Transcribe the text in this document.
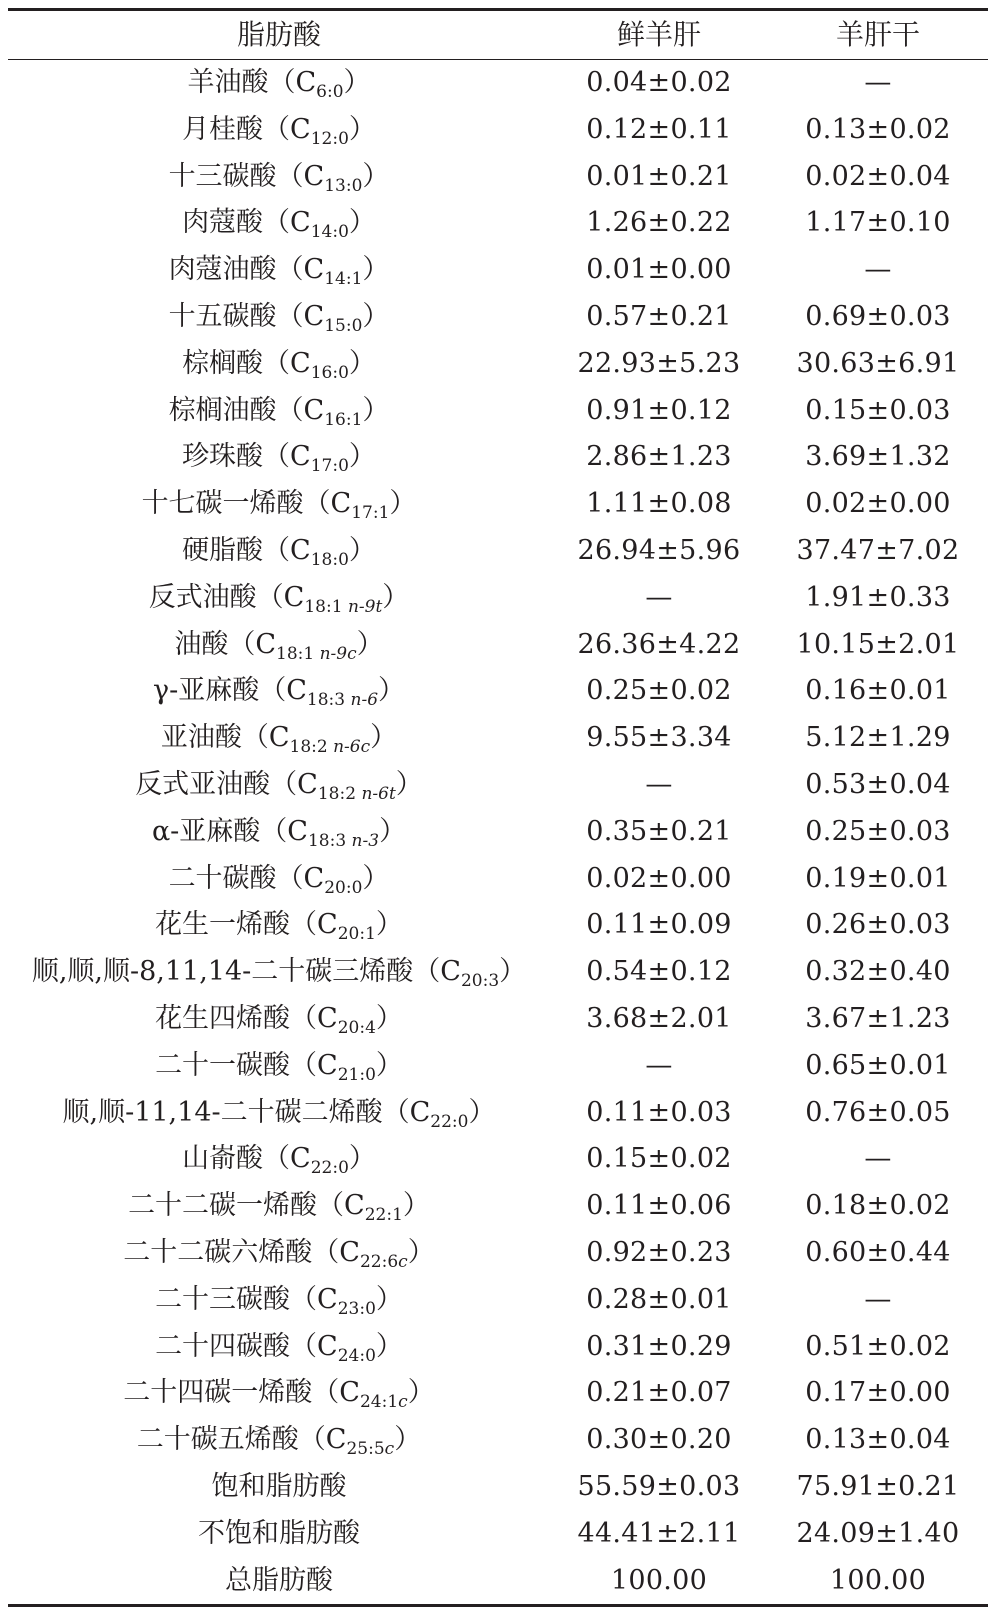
脂肪酸	鲜羊肝	羊肝干
羊油酸$(C_{6:0})$	0.04±0.02	—
月桂酸$(C_{12:0})$	0.12±0.11	0.13±0.02
十三碳酸$(C_{13:0})$	0.01±0.21	0.02±0.04
肉蔻酸$(C_{14:0})$	1.26±0.22	1.17±0.10
肉蔻油酸$(C_{14:1})$	0.01±0.00	—
十五碳酸$(C_{15:0})$	0.57±0.21	0.69±0.03
棕榈酸$(C_{16:0})$	22.93±5.23	30.63±6.91
棕榈油酸$(C_{16:1})$	0.91±0.12	0.15±0.03
珍珠酸$(C_{17:0})$	2.86±1.23	3.69±1.32
十七碳一烯酸$(C_{17:1})$	1.11±0.08	0.02±0.00
硬脂酸$(C_{18:0})$	26.94±5.96	37.47±7.02
反式油酸$(C_{18:1 n-9t})$	—	1.91±0.33
油酸$(C_{18:1 n-9c})$	26.36±4.22	10.15±2.01
γ-亚麻酸$(C_{18:3 n-6})$	0.25±0.02	0.16±0.01
亚油酸$(C_{18:2 n-6c})$	9.55±3.34	5.12±1.29
反式亚油酸$(C_{18:2 n-6t})$	—	0.53±0.04
α-亚麻酸$(C_{18:3 n-3})$	0.35±0.21	0.25±0.03
二十碳酸$(C_{20:0})$	0.02±0.00	0.19±0.01
花生一烯酸$(C_{20:1})$	0.11±0.09	0.26±0.03
顺,顺,顺-8,11,14-二十碳三烯酸$(C_{20:3})$	0.54±0.12	0.32±0.40
花生四烯酸$(C_{20:4})$	3.68±2.01	3.67±1.23
二十一碳酸$(C_{21:0})$	—	0.65±0.01
顺,顺-11,14-二十碳二烯酸$(C_{22:0})$	0.11±0.03	0.76±0.05
山嵛酸$(C_{22:0})$	0.15±0.02	—
二十二碳一烯酸$(C_{22:1})$	0.11±0.06	0.18±0.02
二十二碳六烯酸$(C_{22:6c})$	0.92±0.23	0.60±0.44
二十三碳酸$(C_{23:0})$	0.28±0.01	—
二十四碳酸$(C_{24:0})$	0.31±0.29	0.51±0.02
二十四碳一烯酸$(C_{24:1c})$	0.21±0.07	0.17±0.00
二十碳五烯酸$(C_{25:5c})$	0.30±0.20	0.13±0.04
饱和脂肪酸	55.59±0.03	75.91±0.21
不饱和脂肪酸	44.41±2.11	24.09±1.40
总脂肪酸	100.00	100.00
